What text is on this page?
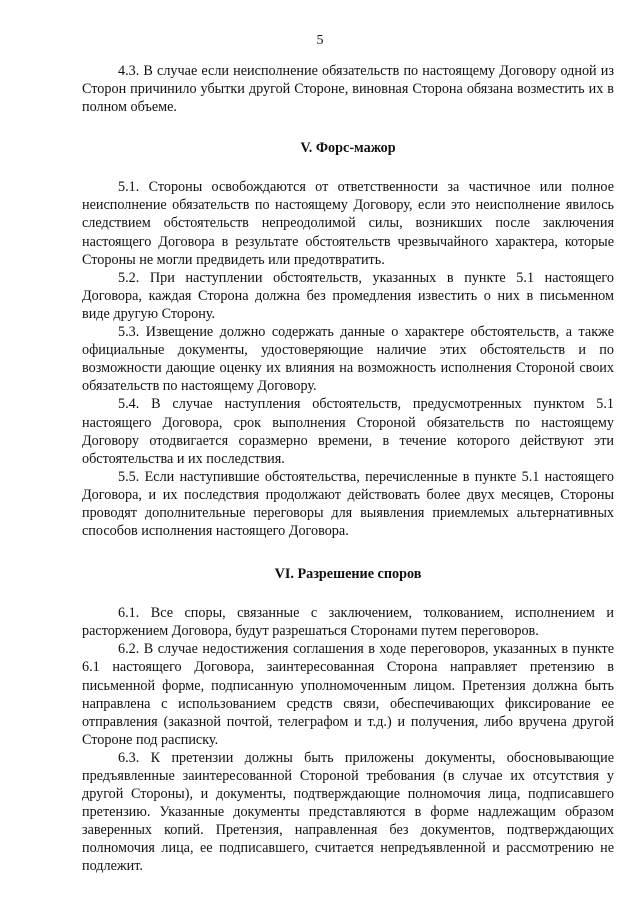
5

4.3. В случае если неисполнение обязательств по настоящему Договору одной из Сторон причинило убытки другой Стороне, виновная Сторона обязана возместить их в полном объеме.

V. Форс-мажор

5.1. Стороны освобождаются от ответственности за частичное или полное неисполнение обязательств по настоящему Договору, если это неисполнение явилось следствием обстоятельств непреодолимой силы, возникших после заключения настоящего Договора в результате обстоятельств чрезвычайного характера, которые Стороны не могли предвидеть или предотвратить.

5.2. При наступлении обстоятельств, указанных в пункте 5.1 настоящего Договора, каждая Сторона должна без промедления известить о них в письменном виде другую Сторону.

5.3. Извещение должно содержать данные о характере обстоятельств, а также официальные документы, удостоверяющие наличие этих обстоятельств и по возможности дающие оценку их влияния на возможность исполнения Стороной своих обязательств по настоящему Договору.

5.4. В случае наступления обстоятельств, предусмотренных пунктом 5.1 настоящего Договора, срок выполнения Стороной обязательств по настоящему Договору отодвигается соразмерно времени, в течение которого действуют эти обстоятельства и их последствия.

5.5. Если наступившие обстоятельства, перечисленные в пункте 5.1 настоящего Договора, и их последствия продолжают действовать более двух месяцев, Стороны проводят дополнительные переговоры для выявления приемлемых альтернативных способов исполнения настоящего Договора.

VI. Разрешение споров

6.1. Все споры, связанные с заключением, толкованием, исполнением и расторжением Договора, будут разрешаться Сторонами путем переговоров.

6.2. В случае недостижения соглашения в ходе переговоров, указанных в пункте 6.1 настоящего Договора, заинтересованная Сторона направляет претензию в письменной форме, подписанную уполномоченным лицом. Претензия должна быть направлена с использованием средств связи, обеспечивающих фиксирование ее отправления (заказной почтой, телеграфом и т.д.) и получения, либо вручена другой Стороне под расписку.

6.3. К претензии должны быть приложены документы, обосновывающие предъявленные заинтересованной Стороной требования (в случае их отсутствия у другой Стороны), и документы, подтверждающие полномочия лица, подписавшего претензию. Указанные документы представляются в форме надлежащим образом заверенных копий. Претензия, направленная без документов, подтверждающих полномочия лица, ее подписавшего, считается непредъявленной и рассмотрению не подлежит.
